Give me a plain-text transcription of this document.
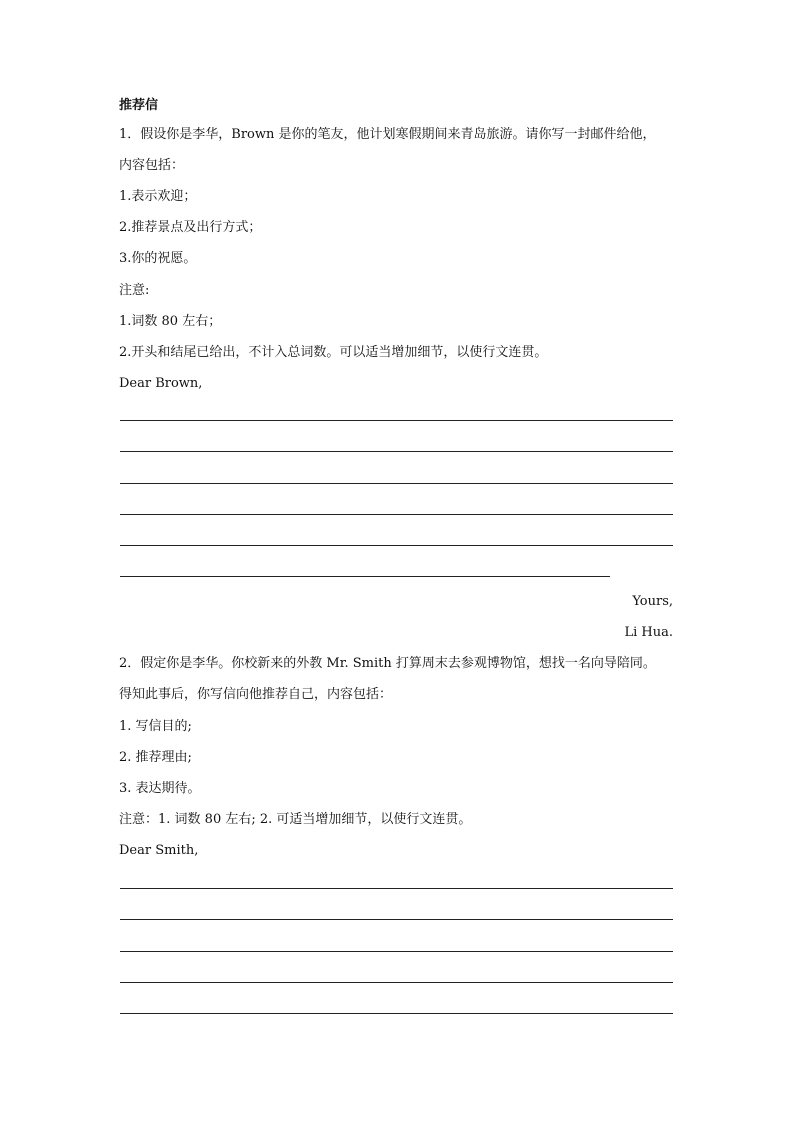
推荐信
1．假设你是李华，Brown 是你的笔友，他计划寒假期间来青岛旅游。请你写一封邮件给他，
内容包括：
1.表示欢迎；
2.推荐景点及出行方式；
3.你的祝愿。
注意:
1.词数 80 左右；
2.开头和结尾已给出，不计入总词数。可以适当增加细节，以使行文连贯。
Dear Brown,
Yours,
Li Hua.
2．假定你是李华。你校新来的外教 Mr. Smith 打算周末去参观博物馆，想找一名向导陪同。
得知此事后，你写信向他推荐自己，内容包括：
1. 写信目的;
2. 推荐理由;
3. 表达期待。
注意：1. 词数 80 左右; 2. 可适当增加细节，以使行文连贯。
Dear Smith,
